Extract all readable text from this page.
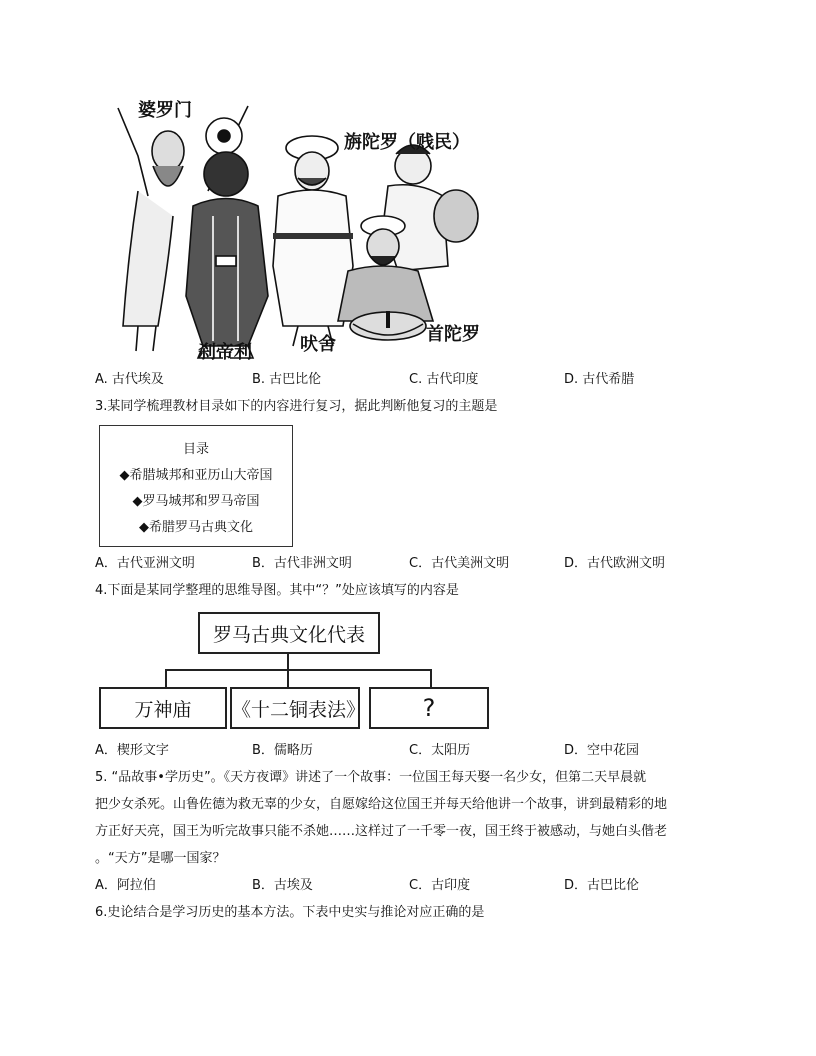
婆罗门
旃陀罗（贱民）
刹帝利	吠舍	首陀罗
A. 古代埃及	B. 古巴比伦	C. 古代印度	D. 古代希腊
3.某同学梳理教材目录如下的内容进行复习，据此判断他复习的主题是
目录
◆希腊城邦和亚历山大帝国
◆罗马城邦和罗马帝国
◆希腊罗马古典文化
A．古代亚洲文明	B．古代非洲文明	C．古代美洲文明	D．古代欧洲文明
4.下面是某同学整理的思维导图。其中“？”处应该填写的内容是
罗马古典文化代表
万神庙	《十二铜表法》	?
A．楔形文字	B．儒略历	C．太阳历	D．空中花园
5. “品故事•学历史”。《天方夜谭》讲述了一个故事：一位国王每天娶一名少女，但第二天早晨就
把少女杀死。山鲁佐德为救无辜的少女，自愿嫁给这位国王并每天给他讲一个故事，讲到最精彩的地
方正好天亮，国王为听完故事只能不杀她……这样过了一千零一夜，国王终于被感动，与她白头偕老
。“天方”是哪一国家？
A．阿拉伯	B．古埃及	C．古印度	D．古巴比伦
6.史论结合是学习历史的基本方法。下表中史实与推论对应正确的是
